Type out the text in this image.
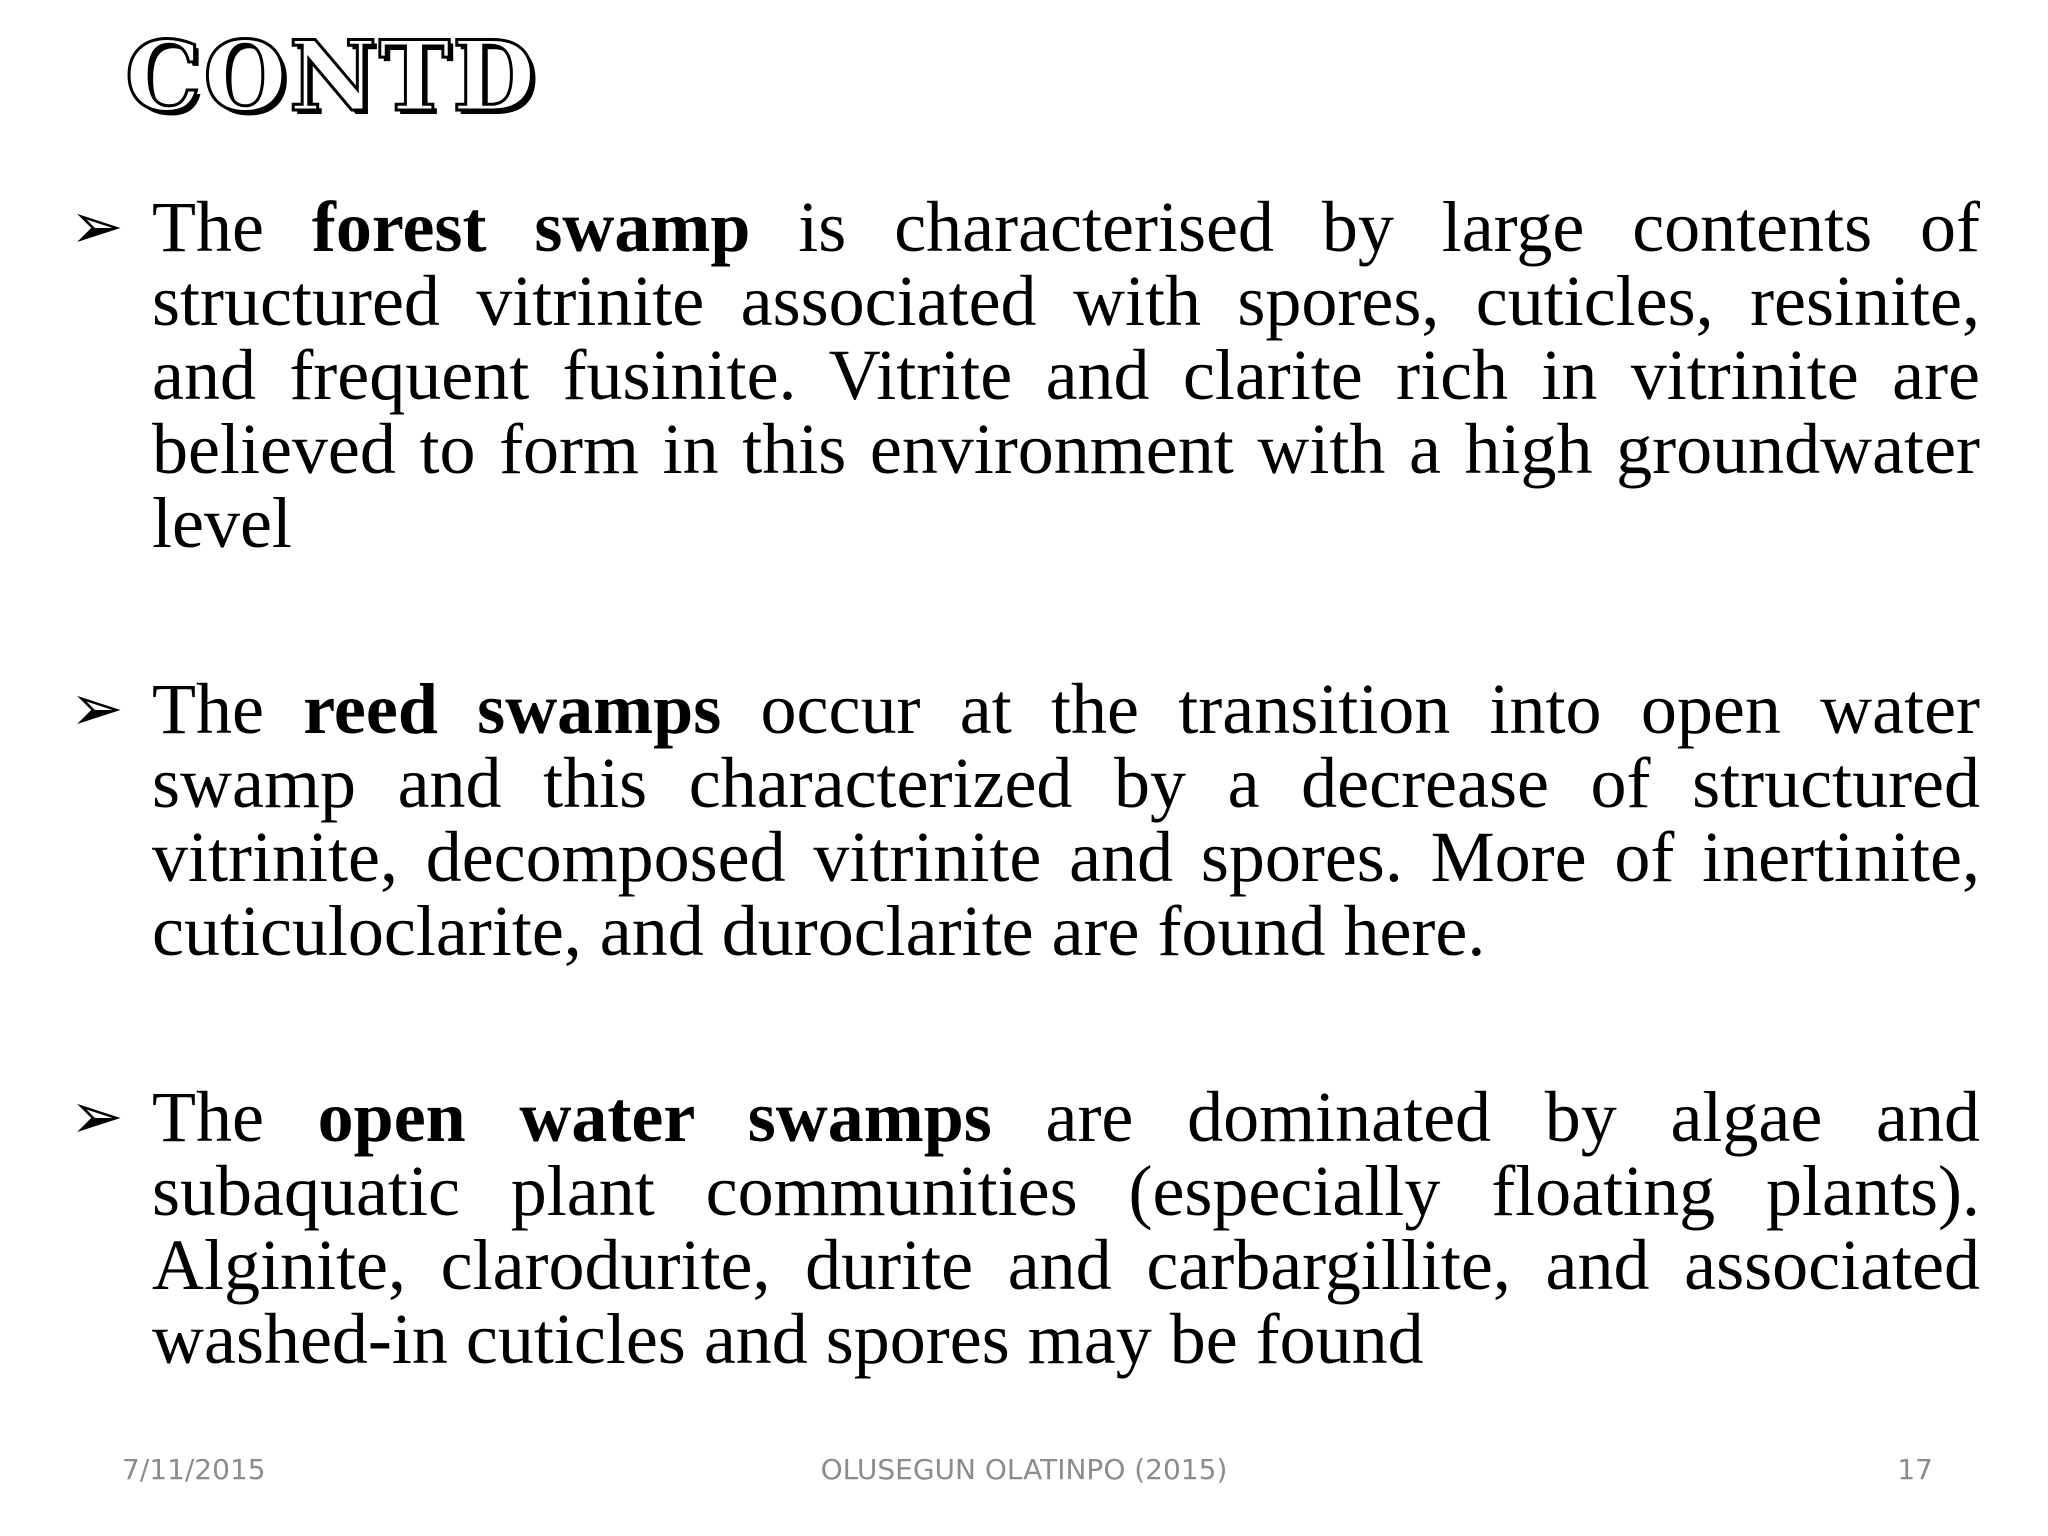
CONTD
➢ The forest swamp is characterised by large contents of structured vitrinite associated with spores, cuticles, resinite, and frequent fusinite. Vitrite and clarite rich in vitrinite are believed to form in this environment with a high groundwater level
➢ The reed swamps occur at the transition into open water swamp and this characterized by a decrease of structured vitrinite, decomposed vitrinite and spores. More of inertinite, cuticuloclarite, and duroclarite are found here.
➢ The open water swamps are dominated by algae and subaquatic plant communities (especially floating plants). Alginite, clarodurite, durite and carbargillite, and associated washed-in cuticles and spores may be found
7/11/2015	OLUSEGUN OLATINPO (2015)	17
